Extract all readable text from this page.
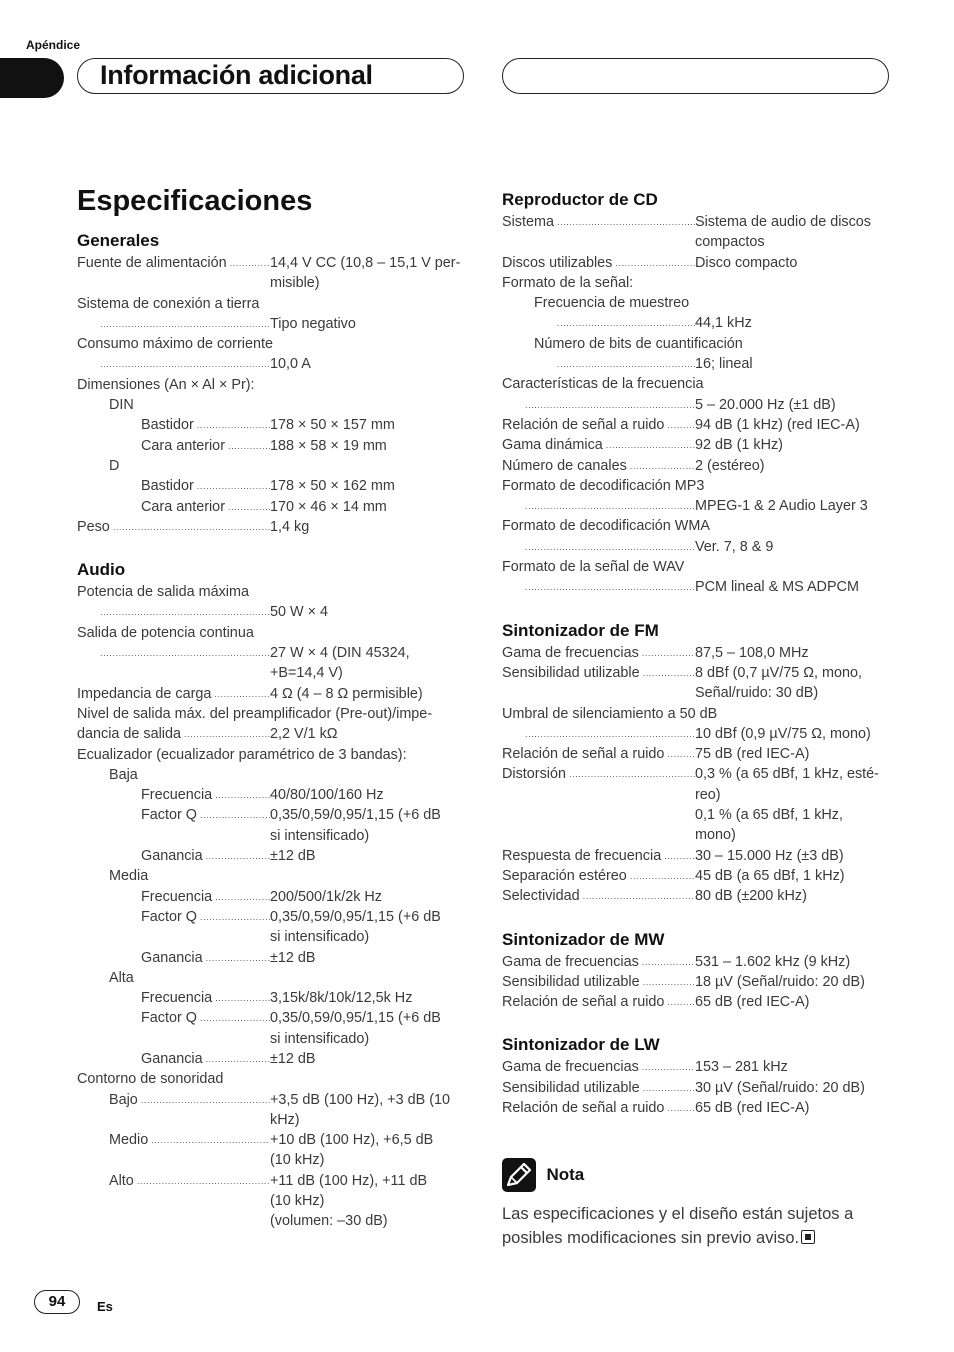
Apéndice
Información adicional
Especificaciones
Generales
Fuente de alimentación .....	14,4 V CC (10,8 – 15,1 V per-
misible)
Sistema de conexión a tierra
.....
Tipo negativo
Consumo máximo de corriente
.....
10,0 A
Dimensiones (An × Al × Pr):
DIN
Bastidor .....	178 × 50 × 157 mm
Cara anterior .....	188 × 58 × 19 mm
D
Bastidor .....	178 × 50 × 162 mm
Cara anterior .....	170 × 46 × 14 mm
Peso .....	1,4 kg
Audio
Potencia de salida máxima
.....
50 W × 4
Salida de potencia continua
.....
27 W × 4 (DIN 45324,
+B=14,4 V)
Impedancia de carga .....	4 Ω (4 – 8 Ω permisible)
Nivel de salida máx. del preamplificador (Pre-out)/impe-
dancia de salida .....	2,2 V/1 kΩ
Ecualizador (ecualizador paramétrico de 3 bandas):
Baja
Frecuencia .....	40/80/100/160 Hz
Factor Q .....	0,35/0,59/0,95/1,15 (+6 dB
si intensificado)
Ganancia .....	±12 dB
Media
Frecuencia .....	200/500/1k/2k Hz
Factor Q .....	0,35/0,59/0,95/1,15 (+6 dB
si intensificado)
Ganancia .....	±12 dB
Alta
Frecuencia .....	3,15k/8k/10k/12,5k Hz
Factor Q .....	0,35/0,59/0,95/1,15 (+6 dB
si intensificado)
Ganancia .....	±12 dB
Contorno de sonoridad
Bajo .....	+3,5 dB (100 Hz), +3 dB (10
kHz)
Medio .....	+10 dB (100 Hz), +6,5 dB
(10 kHz)
Alto .....	+11 dB (100 Hz), +11 dB
(10 kHz)
(volumen: –30 dB)
Reproductor de CD
Sistema .....	Sistema de audio de discos
compactos
Discos utilizables .....	Disco compacto
Formato de la señal:
Frecuencia de muestreo
.....
44,1 kHz
Número de bits de cuantificación
.....
16; lineal
Características de la frecuencia
.....
5 – 20.000 Hz (±1 dB)
Relación de señal a ruido ..... 94 dB (1 kHz) (red IEC-A)
Gama dinámica .....	92 dB (1 kHz)
Número de canales .....	2 (estéreo)
Formato de decodificación MP3
.....
MPEG-1 & 2 Audio Layer 3
Formato de decodificación WMA
.....
Ver. 7, 8 & 9
Formato de la señal de WAV
.....
PCM lineal & MS ADPCM
Sintonizador de FM
Gama de frecuencias .....	87,5 – 108,0 MHz
Sensibilidad utilizable .....	8 dBf (0,7 µV/75 Ω, mono,
Señal/ruido: 30 dB)
Umbral de silenciamiento a 50 dB
.....
10 dBf (0,9 µV/75 Ω, mono)
Relación de señal a ruido ..... 75 dB (red IEC-A)
Distorsión .....	0,3 % (a 65 dBf, 1 kHz, esté-
reo)
0,1 % (a 65 dBf, 1 kHz,
mono)
Respuesta de frecuencia ..... 30 – 15.000 Hz (±3 dB)
Separación estéreo .....	45 dB (a 65 dBf, 1 kHz)
Selectividad .....	80 dB (±200 kHz)
Sintonizador de MW
Gama de frecuencias .....	531 – 1.602 kHz (9 kHz)
Sensibilidad utilizable .....	18 µV (Señal/ruido: 20 dB)
Relación de señal a ruido ..... 65 dB (red IEC-A)
Sintonizador de LW
Gama de frecuencias .....	153 – 281 kHz
Sensibilidad utilizable .....	30 µV (Señal/ruido: 20 dB)
Relación de señal a ruido ..... 65 dB (red IEC-A)
Nota
Las especificaciones y el diseño están sujetos a posibles modificaciones sin previo aviso.
94	Es
